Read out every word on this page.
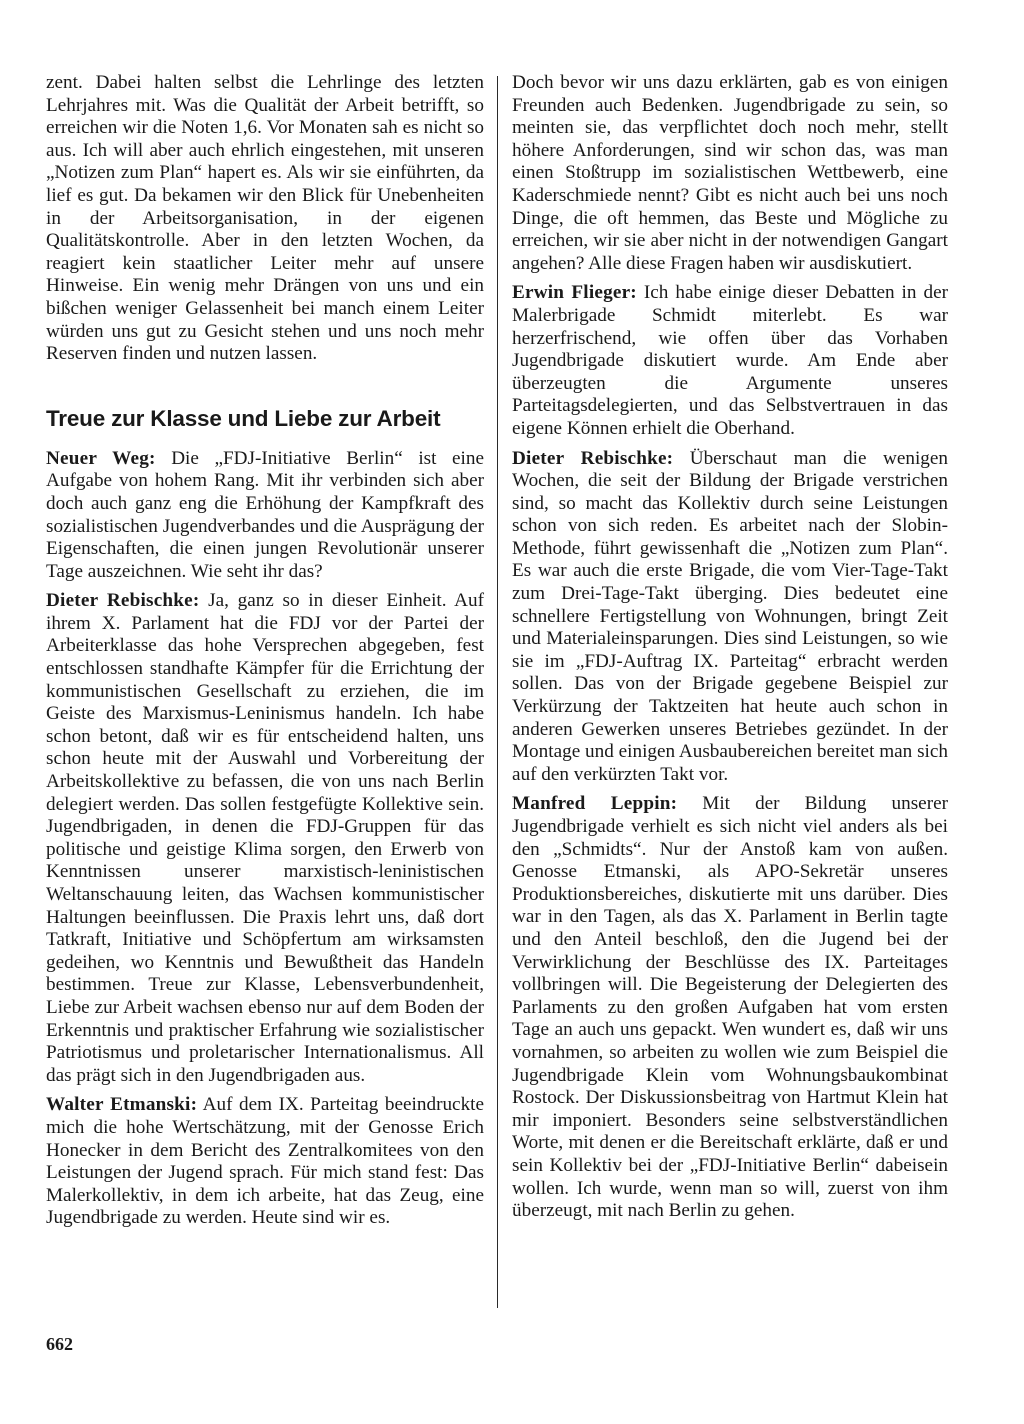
zent. Dabei halten selbst die Lehrlinge des letzten Lehrjahres mit. Was die Qualität der Arbeit betrifft, so erreichen wir die Noten 1,6. Vor Monaten sah es nicht so aus. Ich will aber auch ehrlich eingestehen, mit unseren „Notizen zum Plan“ hapert es. Als wir sie einführten, da lief es gut. Da bekamen wir den Blick für Unebenheiten in der Arbeitsorganisation, in der eigenen Qualitätskontrolle. Aber in den letzten Wochen, da reagiert kein staatlicher Leiter mehr auf unsere Hinweise. Ein wenig mehr Drängen von uns und ein bißchen weniger Gelassenheit bei manch einem Leiter würden uns gut zu Gesicht stehen und uns noch mehr Reserven finden und nutzen lassen.

Treue zur Klasse und Liebe zur Arbeit

Neuer Weg: Die „FDJ-Initiative Berlin“ ist eine Aufgabe von hohem Rang. Mit ihr verbinden sich aber doch auch ganz eng die Erhöhung der Kampfkraft des sozialistischen Jugendverbandes und die Ausprägung der Eigenschaften, die einen jungen Revolutionär unserer Tage auszeichnen. Wie seht ihr das?

Dieter Rebischke: Ja, ganz so in dieser Einheit. Auf ihrem X. Parlament hat die FDJ vor der Partei der Arbeiterklasse das hohe Versprechen abgegeben, fest entschlossen standhafte Kämpfer für die Errichtung der kommunistischen Gesellschaft zu erziehen, die im Geiste des Marxismus-Leninismus handeln. Ich habe schon betont, daß wir es für entscheidend halten, uns schon heute mit der Auswahl und Vorbereitung der Arbeitskollektive zu befassen, die von uns nach Berlin delegiert werden. Das sollen festgefügte Kollektive sein. Jugendbrigaden, in denen die FDJ-Gruppen für das politische und geistige Klima sorgen, den Erwerb von Kenntnissen unserer marxistisch-leninistischen Weltanschauung leiten, das Wachsen kommunistischer Haltungen beeinflussen. Die Praxis lehrt uns, daß dort Tatkraft, Initiative und Schöpfertum am wirksamsten gedeihen, wo Kenntnis und Bewußtheit das Handeln bestimmen. Treue zur Klasse, Lebensverbundenheit, Liebe zur Arbeit wachsen ebenso nur auf dem Boden der Erkenntnis und praktischer Erfahrung wie sozialistischer Patriotismus und proletarischer Internationalismus. All das prägt sich in den Jugendbrigaden aus.

Walter Etmanski: Auf dem IX. Parteitag beeindruckte mich die hohe Wertschätzung, mit der Genosse Erich Honecker in dem Bericht des Zentralkomitees von den Leistungen der Jugend sprach. Für mich stand fest: Das Malerkollektiv, in dem ich arbeite, hat das Zeug, eine Jugendbrigade zu werden. Heute sind wir es.

Doch bevor wir uns dazu erklärten, gab es von einigen Freunden auch Bedenken. Jugendbrigade zu sein, so meinten sie, das verpflichtet doch noch mehr, stellt höhere Anforderungen, sind wir schon das, was man einen Stoßtrupp im sozialistischen Wettbewerb, eine Kaderschmiede nennt? Gibt es nicht auch bei uns noch Dinge, die oft hemmen, das Beste und Mögliche zu erreichen, wir sie aber nicht in der notwendigen Gangart angehen? Alle diese Fragen haben wir ausdiskutiert.

Erwin Flieger: Ich habe einige dieser Debatten in der Malerbrigade Schmidt miterlebt. Es war herzerfrischend, wie offen über das Vorhaben Jugendbrigade diskutiert wurde. Am Ende aber überzeugten die Argumente unseres Parteitagsdelegierten, und das Selbstvertrauen in das eigene Können erhielt die Oberhand.

Dieter Rebischke: Überschaut man die wenigen Wochen, die seit der Bildung der Brigade verstrichen sind, so macht das Kollektiv durch seine Leistungen schon von sich reden. Es arbeitet nach der Slobin-Methode, führt gewissenhaft die „Notizen zum Plan“. Es war auch die erste Brigade, die vom Vier-Tage-Takt zum Drei-Tage-Takt überging. Dies bedeutet eine schnellere Fertigstellung von Wohnungen, bringt Zeit und Materialeinsparungen. Dies sind Leistungen, so wie sie im „FDJ-Auftrag IX. Parteitag“ erbracht werden sollen. Das von der Brigade gegebene Beispiel zur Verkürzung der Taktzeiten hat heute auch schon in anderen Gewerken unseres Betriebes gezündet. In der Montage und einigen Ausbaubereichen bereitet man sich auf den verkürzten Takt vor.

Manfred Leppin: Mit der Bildung unserer Jugendbrigade verhielt es sich nicht viel anders als bei den „Schmidts“. Nur der Anstoß kam von außen. Genosse Etmanski, als APO-Sekretär unseres Produktionsbereiches, diskutierte mit uns darüber. Dies war in den Tagen, als das X. Parlament in Berlin tagte und den Anteil beschloß, den die Jugend bei der Verwirklichung der Beschlüsse des IX. Parteitages vollbringen will. Die Begeisterung der Delegierten des Parlaments zu den großen Aufgaben hat vom ersten Tage an auch uns gepackt. Wen wundert es, daß wir uns vornahmen, so arbeiten zu wollen wie zum Beispiel die Jugendbrigade Klein vom Wohnungsbaukombinat Rostock. Der Diskussionsbeitrag von Hartmut Klein hat mir imponiert. Besonders seine selbstverständlichen Worte, mit denen er die Bereitschaft erklärte, daß er und sein Kollektiv bei der „FDJ-Initiative Berlin“ dabeisein wollen. Ich wurde, wenn man so will, zuerst von ihm überzeugt, mit nach Berlin zu gehen.

662
